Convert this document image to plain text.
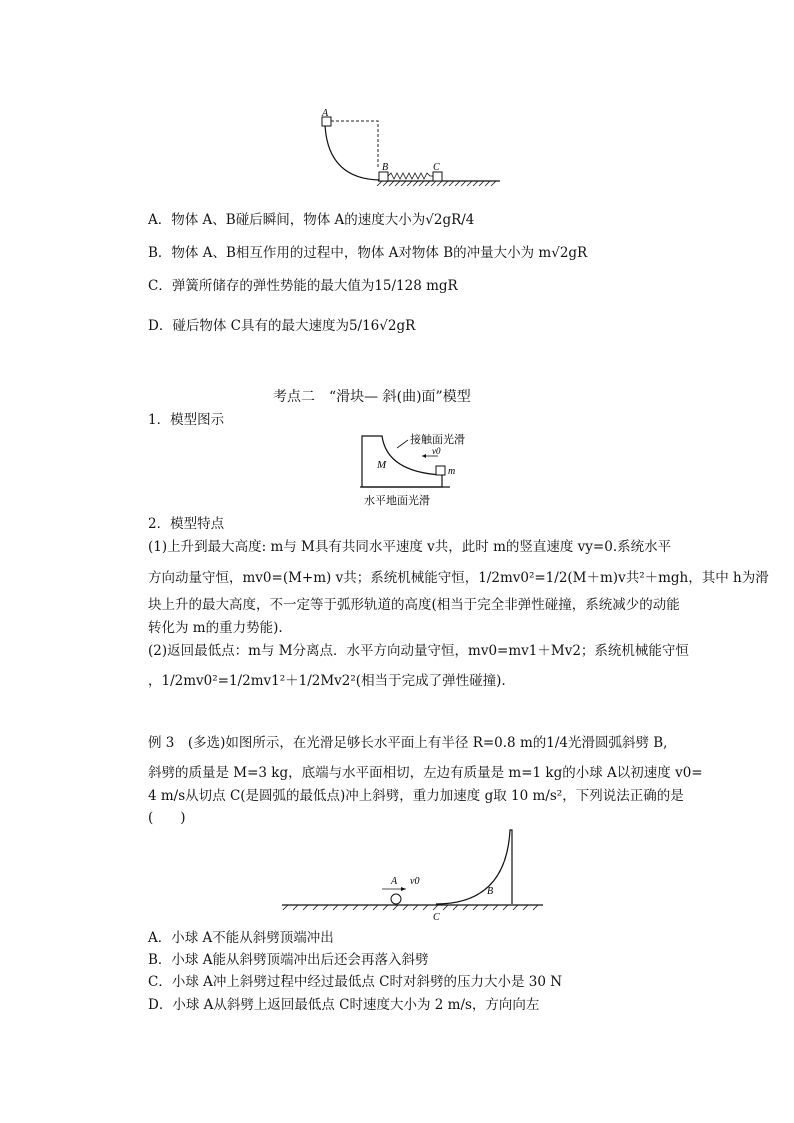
A
B	C
A．物体 A、B碰后瞬间，物体 A的速度大小为√2gR/4
B．物体 A、B相互作用的过程中，物体 A对物体 B的冲量大小为 m√2gR
C．弹簧所储存的弹性势能的最大值为15/128 mgR
D．碰后物体 C具有的最大速度为5/16√2gR
考点二　“滑块— 斜(曲)面”模型
1．模型图示
接触面光滑
v0
M
m
水平地面光滑
2．模型特点
(1)上升到最大高度: m与 M具有共同水平速度 v共，此时 m的竖直速度 vy=0.系统水平
方向动量守恒，mv0=(M+m) v共；系统机械能守恒，1/2mv0²=1/2(M＋m)v共²＋mgh，其中 h为滑
块上升的最大高度，不一定等于弧形轨道的高度(相当于完全非弹性碰撞，系统减少的动能
转化为 m的重力势能).
(2)返回最低点：m与 M分离点．水平方向动量守恒，mv0=mv1＋Mv2；系统机械能守恒
，1/2mv0²=1/2mv1²＋1/2Mv2²(相当于完成了弹性碰撞).
例 3　(多选)如图所示，在光滑足够长水平面上有半径 R=0.8 m的1/4光滑圆弧斜劈 B,
斜劈的质量是 M=3 kg，底端与水平面相切，左边有质量是 m=1 kg的小球 A以初速度 v0=
4 m/s从切点 C(是圆弧的最低点)冲上斜劈，重力加速度 g取 10 m/s²，下列说法正确的是
(　　)
A v0
B
C
A．小球 A不能从斜劈顶端冲出
B．小球 A能从斜劈顶端冲出后还会再落入斜劈
C．小球 A冲上斜劈过程中经过最低点 C时对斜劈的压力大小是 30 N
D．小球 A从斜劈上返回最低点 C时速度大小为 2 m/s，方向向左
